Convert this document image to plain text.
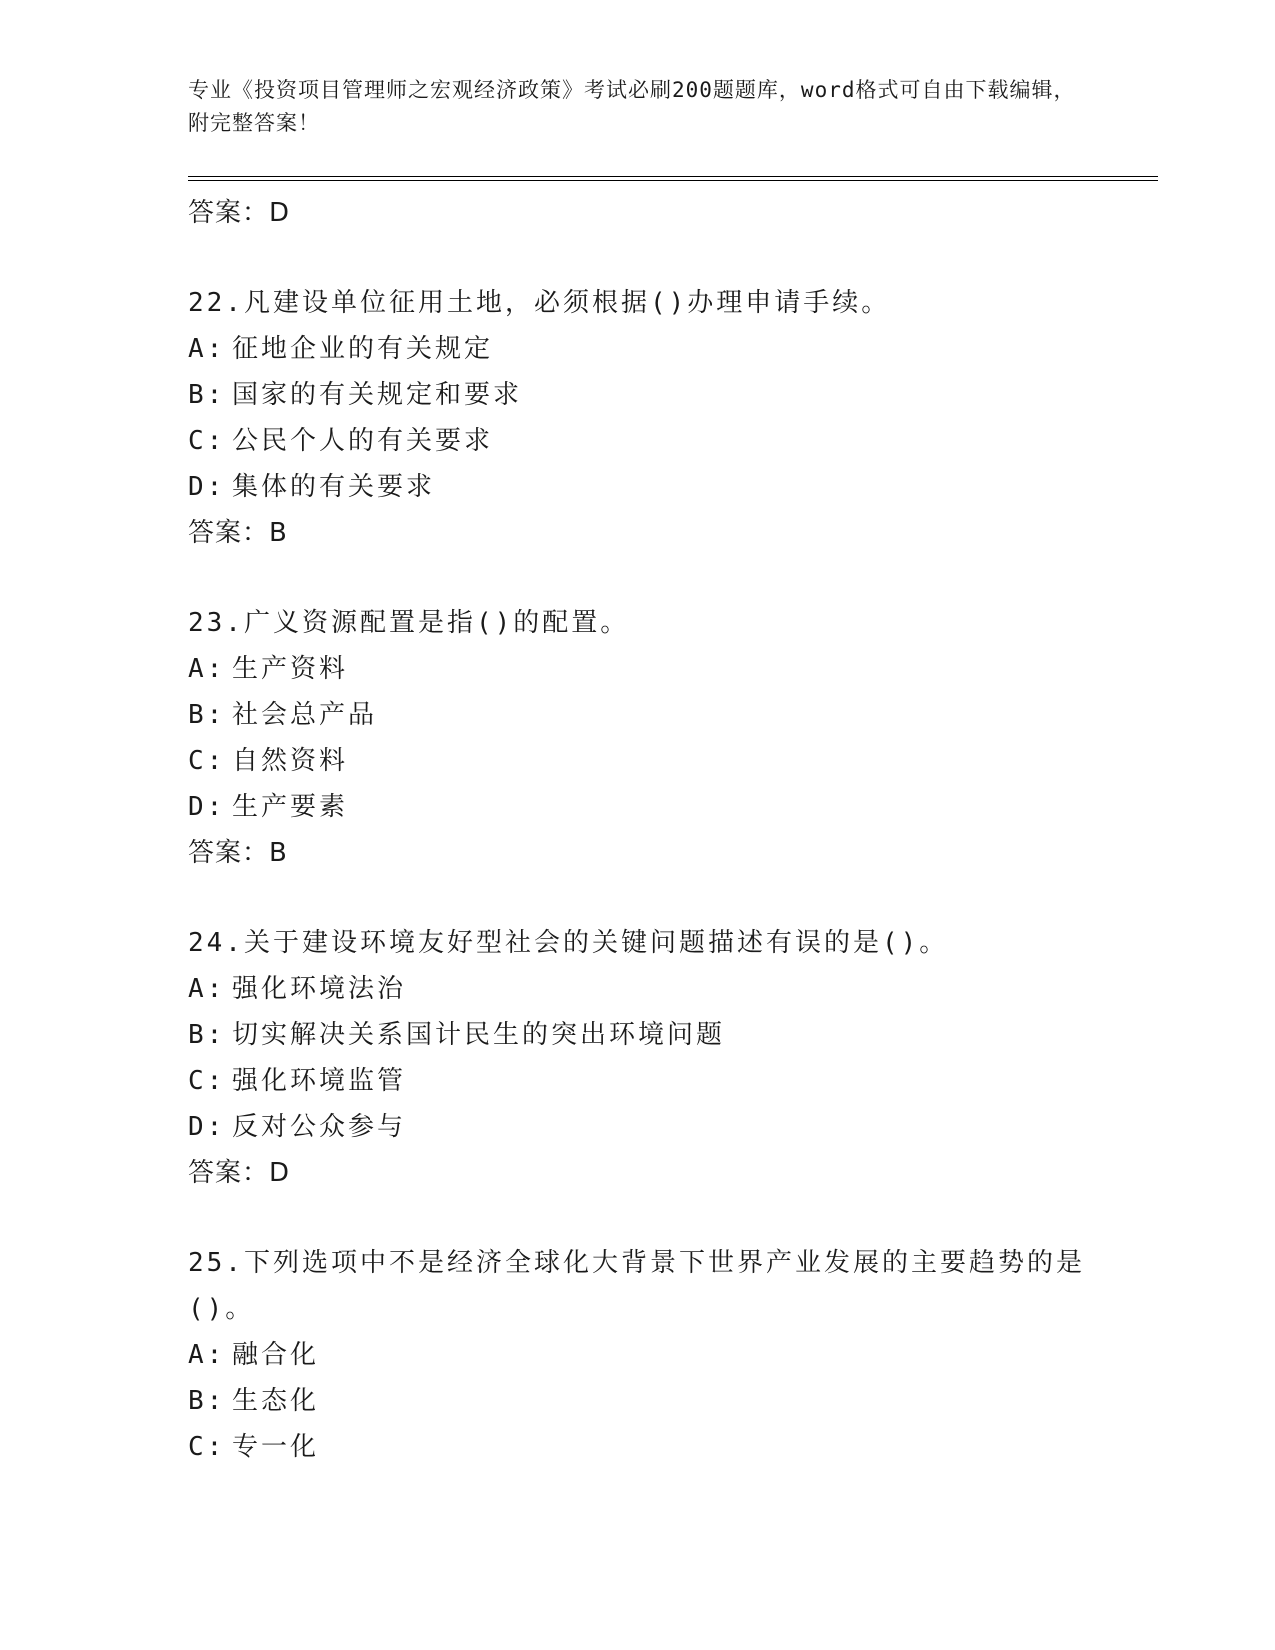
专业《投资项目管理师之宏观经济政策》考试必刷200题题库，word格式可自由下载编辑，附完整答案！
答案：D
22.凡建设单位征用土地，必须根据()办理申请手续。
A: 征地企业的有关规定
B: 国家的有关规定和要求
C: 公民个人的有关要求
D: 集体的有关要求
答案：B
23.广义资源配置是指()的配置。
A: 生产资料
B: 社会总产品
C: 自然资料
D: 生产要素
答案：B
24.关于建设环境友好型社会的关键问题描述有误的是()。
A: 强化环境法治
B: 切实解决关系国计民生的突出环境问题
C: 强化环境监管
D: 反对公众参与
答案：D
25.下列选项中不是经济全球化大背景下世界产业发展的主要趋势的是()。
A: 融合化
B: 生态化
C: 专一化
